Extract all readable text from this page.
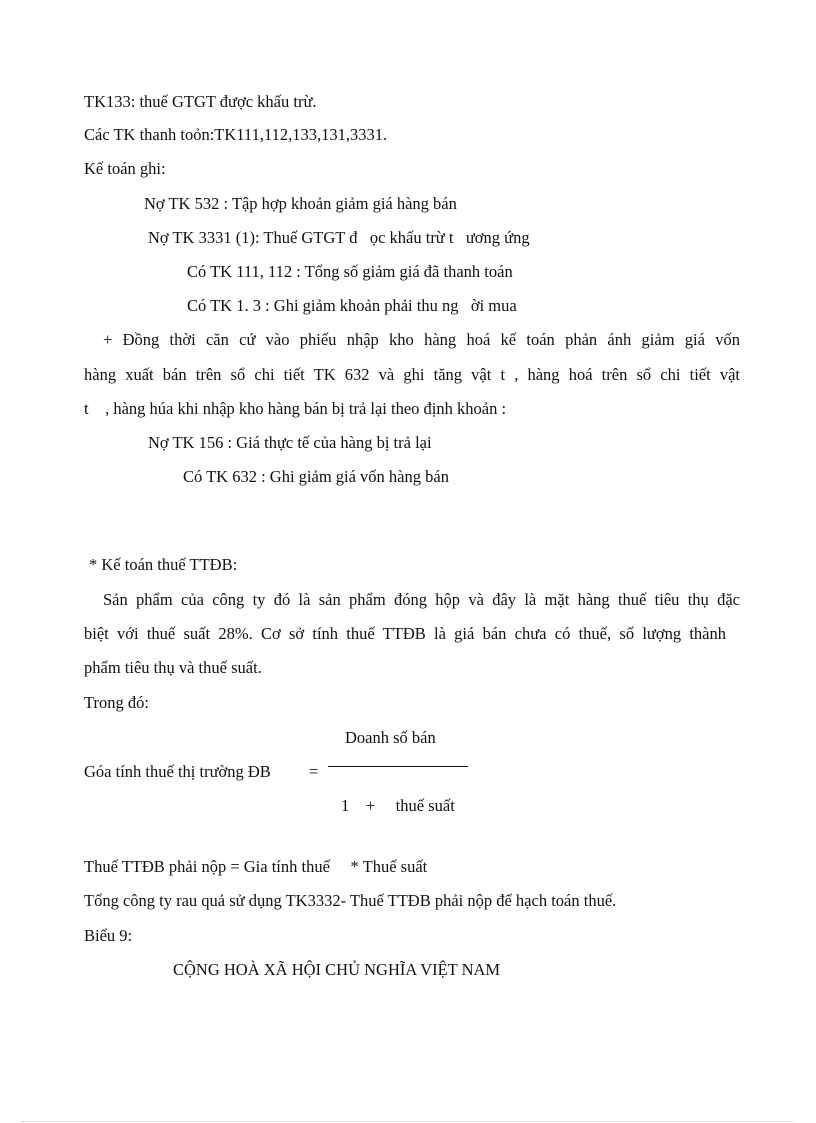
TK133: thuế GTGT được khấu trừ.
Các TK thanh toỏn:TK111,112,133,131,3331.
Kế toán ghi:
Nợ TK 532 : Tập hợp khoản giảm giá hàng bán
Nợ TK 3331 (1): Thuế GTGT đ   ọc khấu trừ t   ương ứng
Có TK 111, 112 : Tổng số giảm giá đã thanh toán
Có TK 1. 3 : Ghi giảm khoản phải thu ng   ời mua
+ Đồng thời căn cứ vào phiếu nhập kho hàng hoá kế toán phản ánh giảm giá vốn
hàng xuất bán trên sổ chi tiết TK 632 và ghi tăng vật t , hàng hoá trên sổ chi tiết vật
t    , hàng húa khi nhập kho hàng bán bị trả lại theo định khoản :
Nợ TK 156 : Giá thực tế của hàng bị trả lại
Có TK 632 : Ghi giảm giá vốn hàng bán
* Kế toán thuế TTĐB:
Sản phẩm của công ty đó là sản phẩm đóng hộp và đây là mặt hàng thuế tiêu thụ đặc
biệt với thuế suất 28%. Cơ sở tính thuế TTĐB là giá bán chưa có thuế, số lượng thành
phẩm tiêu thụ và thuế suất.
Trong đó:
Góa tính thuế thị trường ĐB =
Doanh số bán
1    +     thuế suất
Thuế TTĐB phải nộp = Gia tính thuế     * Thuế suất
Tổng công ty rau quả sử dụng TK3332- Thuế TTĐB phải nộp để hạch toán thuế.
Biểu 9:
CỘNG HOÀ XÃ HỘI CHỦ NGHĨA VIỆT NAM
